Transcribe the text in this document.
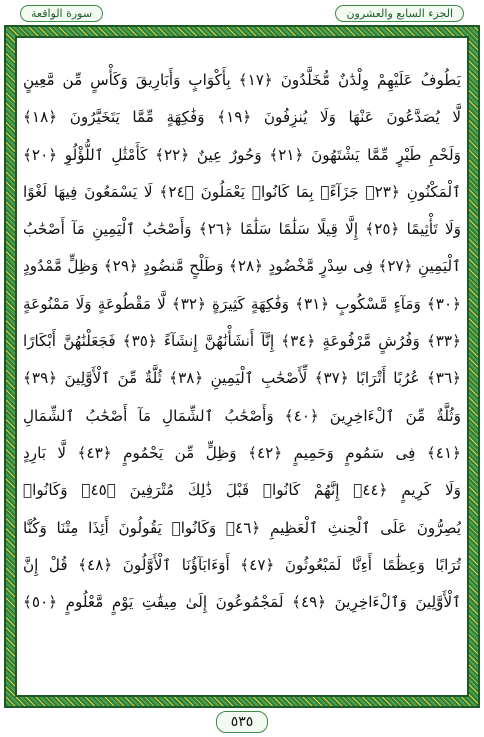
سورة الواقعة	الجزء السابع والعشرون
يَطُوفُ عَلَيْهِمْ وِلْدَٰنٌ مُّخَلَّدُونَ ﴿١٧﴾ بِأَكْوَابٍ وَأَبَارِيقَ وَكَأْسٍ مِّن مَّعِينٍ
لَّا يُصَدَّعُونَ عَنْهَا وَلَا يُنزِفُونَ ﴿١٩﴾ وَفَٰكِهَةٍ مِّمَّا يَتَخَيَّرُونَ ﴿١٨﴾
وَلَحْمِ طَيْرٍ مِّمَّا يَشْتَهُونَ ﴿٢١﴾ وَحُورٌ عِينٌ ﴿٢٢﴾ كَأَمْثَٰلِ ٱللُّؤْلُوِ ﴿٢٠﴾
ٱلْمَكْنُونِ ﴿٢٣﴾ جَزَآءًۢ بِمَا كَانُوا۟ يَعْمَلُونَ ﴿٢٤﴾ لَا يَسْمَعُونَ فِيهَا لَغْوًا
وَلَا تَأْثِيمًا ﴿٢٥﴾ إِلَّا قِيلًا سَلَٰمًا سَلَٰمًا ﴿٢٦﴾ وَأَصْحَٰبُ ٱلْيَمِينِ مَآ أَصْحَٰبُ
ٱلْيَمِينِ ﴿٢٧﴾ فِى سِدْرٍ مَّخْضُودٍ ﴿٢٨﴾ وَطَلْحٍ مَّنضُودٍ ﴿٢٩﴾ وَظِلٍّ مَّمْدُودٍ
﴿٣٠﴾ وَمَآءٍ مَّسْكُوبٍ ﴿٣١﴾ وَفَٰكِهَةٍ كَثِيرَةٍ ﴿٣٢﴾ لَّا مَقْطُوعَةٍ وَلَا مَمْنُوعَةٍ
﴿٣٣﴾ وَفُرُشٍ مَّرْفُوعَةٍ ﴿٣٤﴾ إِنَّآ أَنشَأْنَٰهُنَّ إِنشَآءً ﴿٣٥﴾ فَجَعَلْنَٰهُنَّ أَبْكَارًا
﴿٣٦﴾ عُرُبًا أَتْرَابًا ﴿٣٧﴾ لِّأَصْحَٰبِ ٱلْيَمِينِ ﴿٣٨﴾ ثُلَّةٌ مِّنَ ٱلْأَوَّلِينَ ﴿٣٩﴾
وَثُلَّةٌ مِّنَ ٱلْءَاخِرِينَ ﴿٤٠﴾ وَأَصْحَٰبُ ٱلشِّمَالِ مَآ أَصْحَٰبُ ٱلشِّمَالِ
﴿٤١﴾ فِى سَمُومٍ وَحَمِيمٍ ﴿٤٢﴾ وَظِلٍّ مِّن يَحْمُومٍ ﴿٤٣﴾ لَّا بَارِدٍ
وَلَا كَرِيمٍ ﴿٤٤﴾ إِنَّهُمْ كَانُوا۟ قَبْلَ ذَٰلِكَ مُتْرَفِينَ ﴿٤٥﴾ وَكَانُوا۟
يُصِرُّونَ عَلَى ٱلْحِنثِ ٱلْعَظِيمِ ﴿٤٦﴾ وَكَانُوا۟ يَقُولُونَ أَئِذَا مِتْنَا وَكُنَّا
تُرَابًا وَعِظَٰمًا أَءِنَّا لَمَبْعُوثُونَ ﴿٤٧﴾ أَوَءَابَآؤُنَا ٱلْأَوَّلُونَ ﴿٤٨﴾ قُلْ إِنَّ
ٱلْأَوَّلِينَ وَٱلْءَاخِرِينَ ﴿٤٩﴾ لَمَجْمُوعُونَ إِلَىٰ مِيقَٰتِ يَوْمٍ مَّعْلُومٍ ﴿٥٠﴾
٥٣٥
